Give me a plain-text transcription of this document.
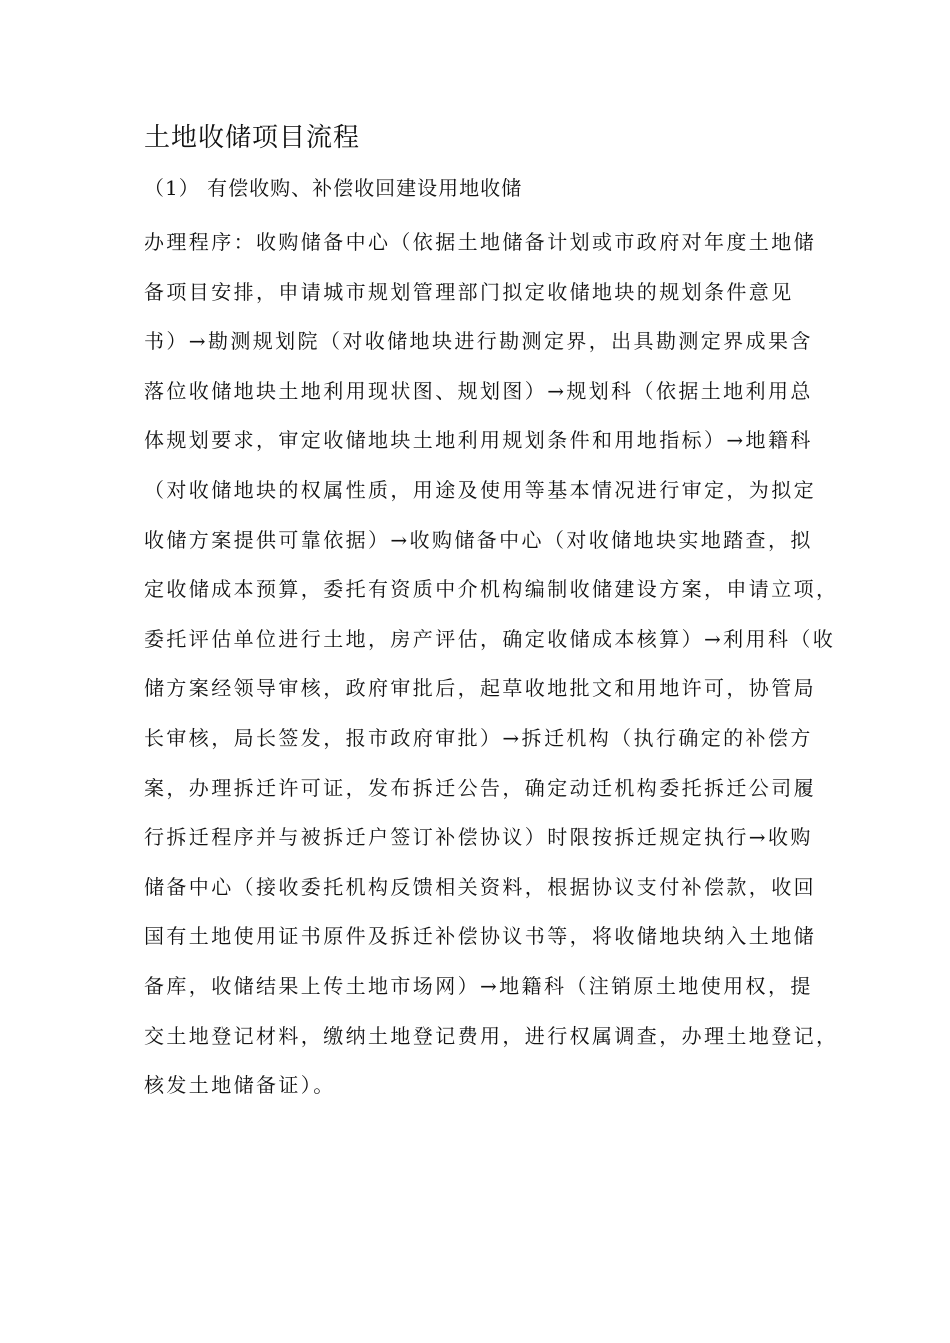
土地收储项目流程
（1） 有偿收购、补偿收回建设用地收储
办理程序：收购储备中心（依据土地储备计划或市政府对年度土地储
备项目安排，申请城市规划管理部门拟定收储地块的规划条件意见
书）→勘测规划院（对收储地块进行勘测定界，出具勘测定界成果含
落位收储地块土地利用现状图、规划图）→规划科（依据土地利用总
体规划要求，审定收储地块土地利用规划条件和用地指标）→地籍科
（对收储地块的权属性质，用途及使用等基本情况进行审定，为拟定
收储方案提供可靠依据）→收购储备中心（对收储地块实地踏查，拟
定收储成本预算，委托有资质中介机构编制收储建设方案，申请立项，
委托评估单位进行土地，房产评估，确定收储成本核算）→利用科（收
储方案经领导审核，政府审批后，起草收地批文和用地许可，协管局
长审核，局长签发，报市政府审批）→拆迁机构（执行确定的补偿方
案，办理拆迁许可证，发布拆迁公告，确定动迁机构委托拆迁公司履
行拆迁程序并与被拆迁户签订补偿协议）时限按拆迁规定执行→收购
储备中心（接收委托机构反馈相关资料，根据协议支付补偿款，收回
国有土地使用证书原件及拆迁补偿协议书等，将收储地块纳入土地储
备库，收储结果上传土地市场网）→地籍科（注销原土地使用权，提
交土地登记材料，缴纳土地登记费用，进行权属调查，办理土地登记，
核发土地储备证）。
